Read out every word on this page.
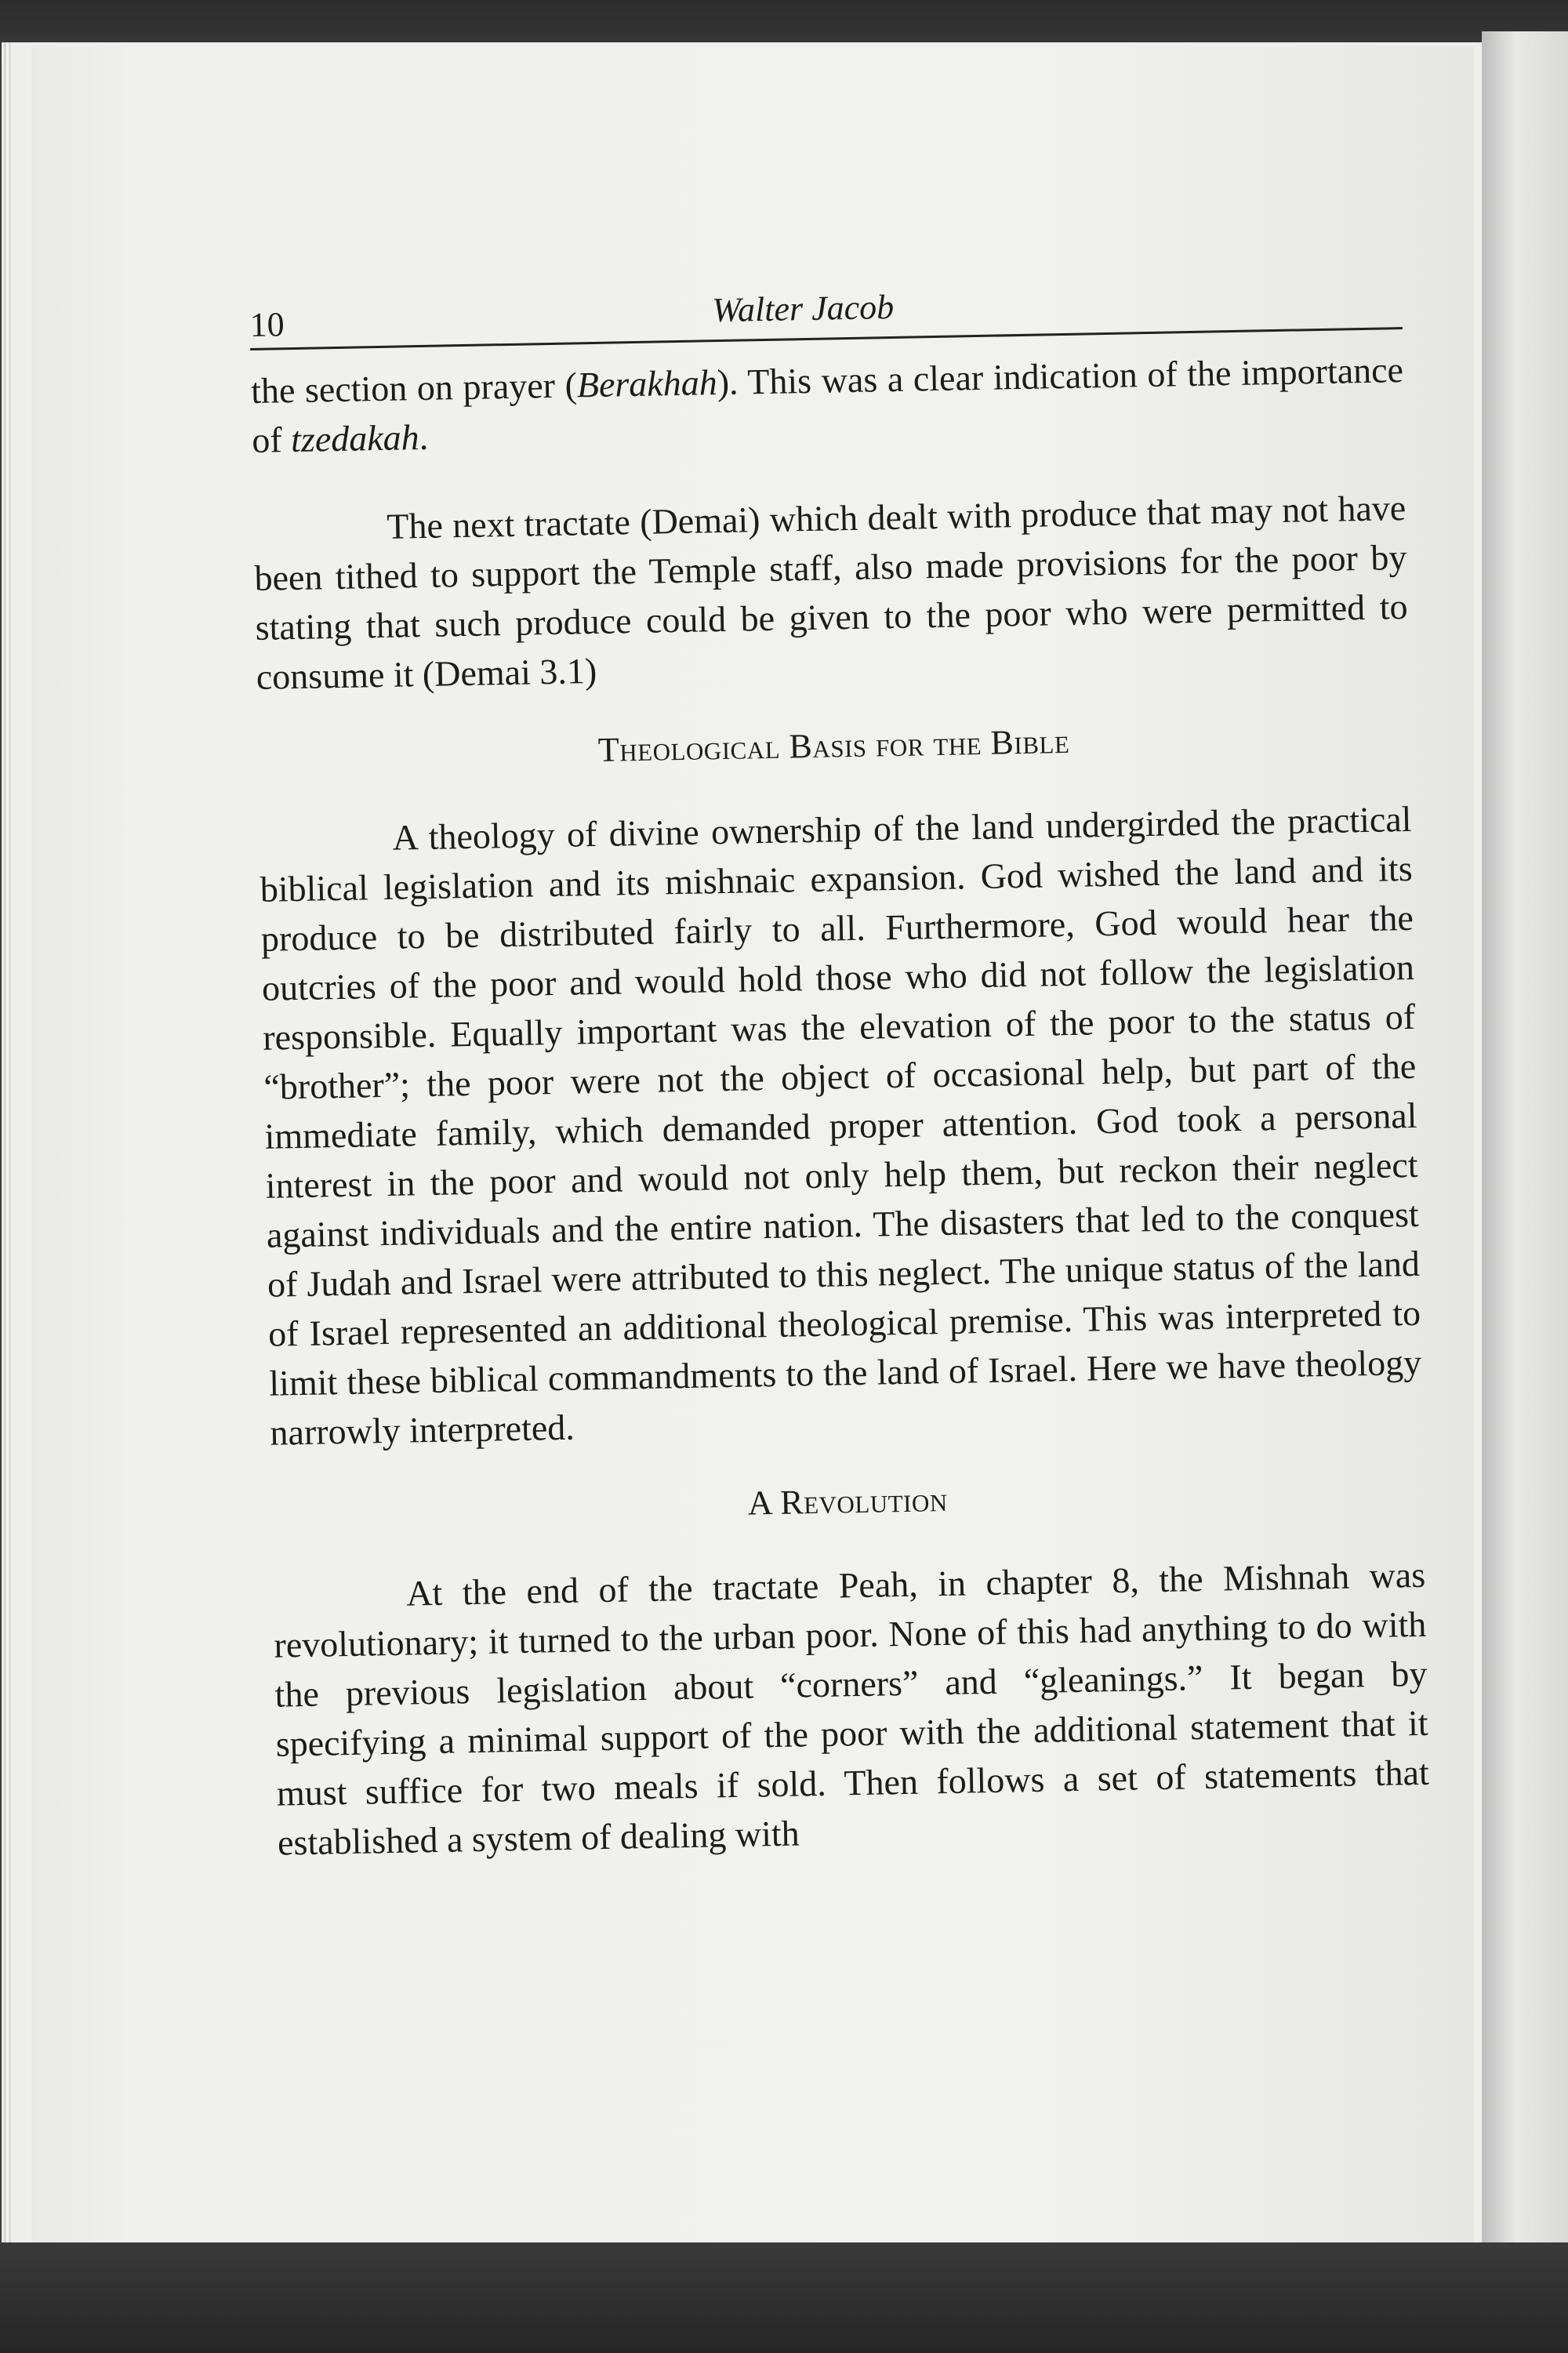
10	Walter Jacob

the section on prayer (Berakhah). This was a clear indication of the importance of tzedakah.

The next tractate (Demai) which dealt with produce that may not have been tithed to support the Temple staff, also made provisions for the poor by stating that such produce could be given to the poor who were permitted to consume it (Demai 3.1)

Theological Basis for the Bible

A theology of divine ownership of the land undergirded the practical biblical legislation and its mishnaic expansion. God wished the land and its produce to be distributed fairly to all. Furthermore, God would hear the outcries of the poor and would hold those who did not follow the legislation responsible. Equally important was the elevation of the poor to the status of “brother”; the poor were not the object of occasional help, but part of the immediate family, which demanded proper attention. God took a personal interest in the poor and would not only help them, but reckon their neglect against individuals and the entire nation. The disasters that led to the conquest of Judah and Israel were attributed to this neglect. The unique status of the land of Israel represented an additional theological premise. This was interpreted to limit these biblical commandments to the land of Israel. Here we have theology narrowly interpreted.

A Revolution

At the end of the tractate Peah, in chapter 8, the Mishnah was revolutionary; it turned to the urban poor. None of this had anything to do with the previous legislation about “corners” and “gleanings.” It began by specifying a minimal support of the poor with the additional statement that it must suffice for two meals if sold. Then follows a set of statements that established a system of dealing with
